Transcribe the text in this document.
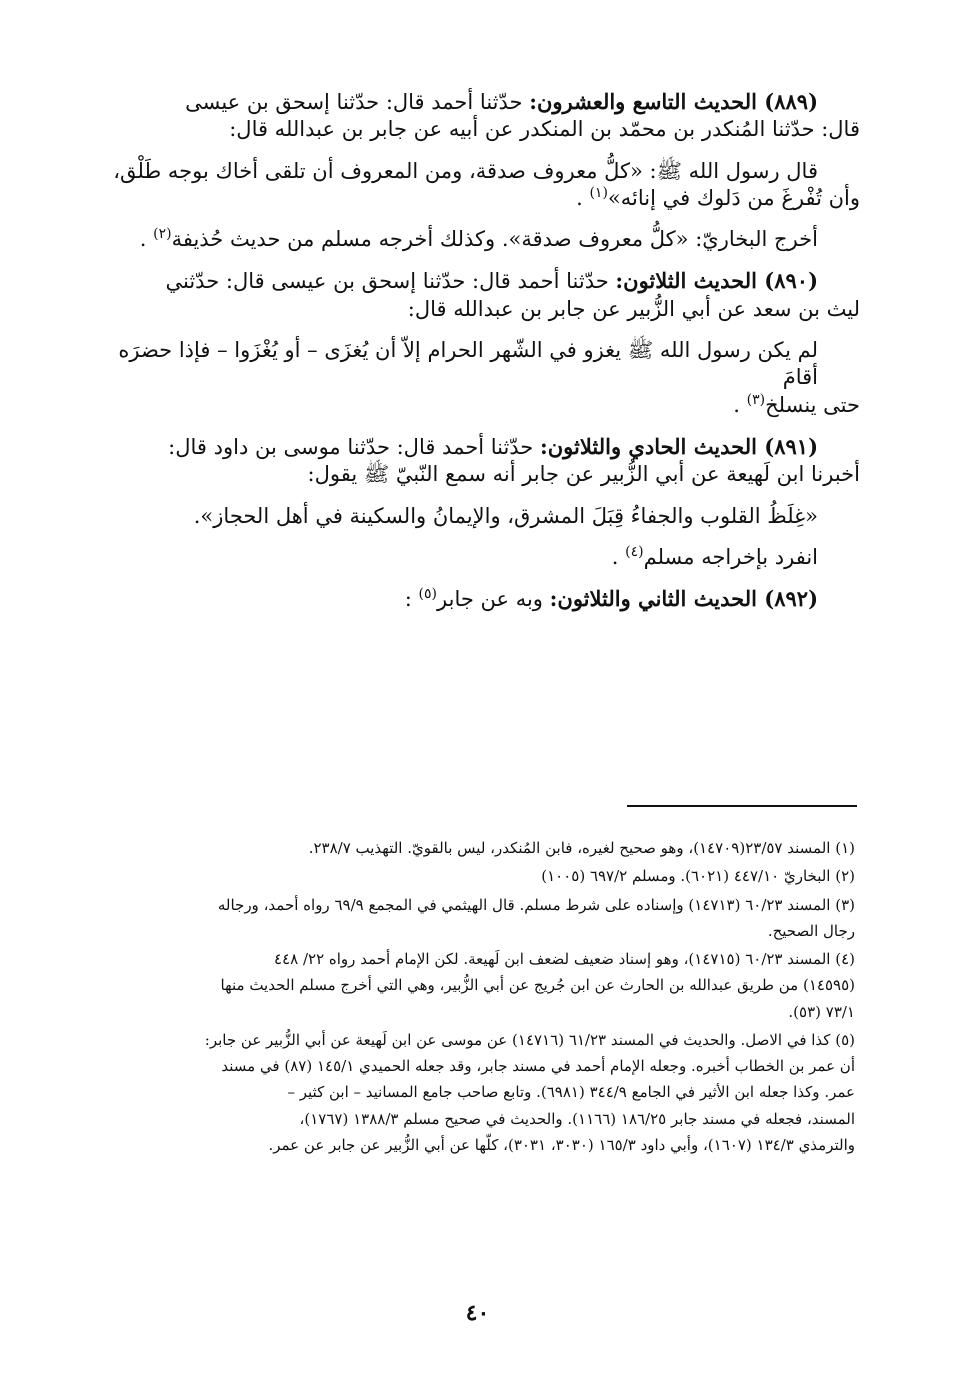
(٨٨٩) الحديث التاسع والعشرون: حدّثنا أحمد قال: حدّثنا إسحق بن عيسى
قال: حدّثنا المُنكدر بن محمّد بن المنكدر عن أبيه عن جابر بن عبدالله قال:

قال رسول الله ﷺ: «كلُّ معروف صدقة، ومن المعروف أن تلقى أخاك بوجه طَلْق،
وأن تُفْرغَ من دَلوك في إنائه»$^{(١)}$ .

أخرج البخاريّ: «كلُّ معروف صدقة». وكذلك أخرجه مسلم من حديث حُذيفة$^{(٢)}$ .

(٨٩٠) الحديث الثلاثون: حدّثنا أحمد قال: حدّثنا إسحق بن عيسى قال: حدّثني
ليث بن سعد عن أبي الزُّبير عن جابر بن عبدالله قال:

لم يكن رسول الله ﷺ يغزو في الشّهر الحرام إلاّ أن يُغزَى – أو يُغْزَوا – فإذا حضرَه أقامَ
حتى ينسلخ$^{(٣)}$ .

(٨٩١) الحديث الحادي والثلاثون: حدّثنا أحمد قال: حدّثنا موسى بن داود قال:
أخبرنا ابن لَهيعة عن أبي الزُّبير عن جابر أنه سمع النّبيّ ﷺ يقول:

«غِلَظُ القلوب والجفاءُ قِبَلَ المشرق، والإيمانُ والسكينة في أهل الحجاز».

انفرد بإخراجه مسلم$^{(٤)}$ .

(٨٩٢) الحديث الثاني والثلاثون: وبه عن جابر$^{(٥)}$ :

(١) المسند ٢٣/٥٧(١٤٧٠٩)، وهو صحيح لغيره، فابن المُنكدر، ليس بالقويّ. التهذيب ٢٣٨/٧.

(٢) البخاريّ ٤٤٧/١٠ (٦٠٢١). ومسلم ٦٩٧/٢ (١٠٠٥)

(٣) المسند ٦٠/٢٣ (١٤٧١٣) وإسناده على شرط مسلم. قال الهيثمي في المجمع ٦٩/٩ رواه أحمد، ورجاله
رجال الصحيح.

(٤) المسند ٦٠/٢٣ (١٤٧١٥)، وهو إسناد ضعيف لضعف ابن لَهيعة. لكن الإمام أحمد رواه ٢٢/ ٤٤٨
(١٤٥٩٥) من طريق عبدالله بن الحارث عن ابن جُريج عن أبي الزُّبير، وهي التي أخرج مسلم الحديث منها
٧٣/١ (٥٣).

(٥) كذا في الاصل. والحديث في المسند ٦١/٢٣ (١٤٧١٦) عن موسى عن ابن لَهيعة عن أبي الزُّبير عن جابر:
أن عمر بن الخطاب أخبره. وجعله الإمام أحمد في مسند جابر، وقد جعله الحميدي ١٤٥/١ (٨٧) في مسند
عمر. وكذا جعله ابن الأثير في الجامع ٣٤٤/٩ (٦٩٨١). وتابع صاحب جامع المسانيد – ابن كثير –
المسند، فجعله في مسند جابر ١٨٦/٢٥ (١١٦٦). والحديث في صحيح مسلم ١٣٨٨/٣ (١٧٦٧)،
والترمذي ١٣٤/٣ (١٦٠٧)، وأبي داود ١٦٥/٣ (٣٠٣٠، ٣٠٣١)، كلّها عن أبي الزُّبير عن جابر عن عمر.

٤٠
